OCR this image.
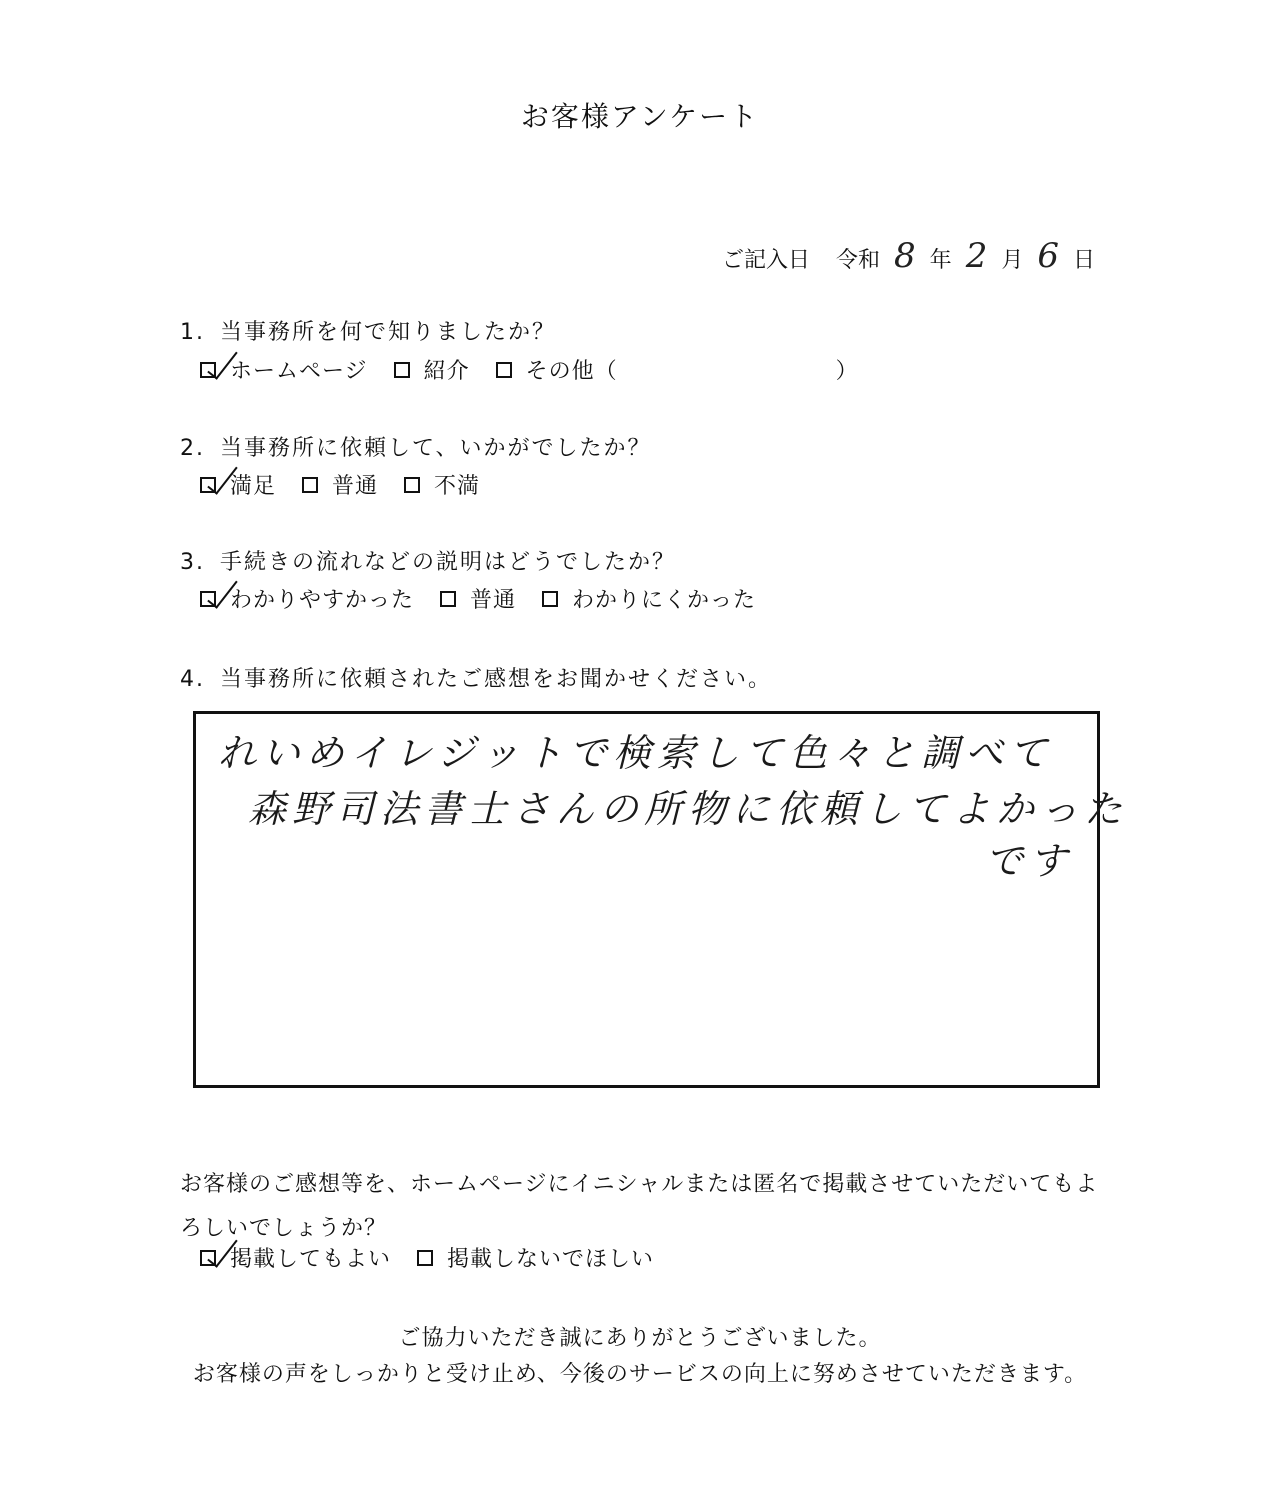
お客様アンケート
ご記入日 令和 8 年 2 月 6 日
1. 当事務所を何で知りましたか？
ホームページ	紹介	その他（	）
2. 当事務所に依頼して、いかがでしたか？
満足	普通	不満
3. 手続きの流れなどの説明はどうでしたか？
わかりやすかった	普通	わかりにくかった
4. 当事務所に依頼されたご感想をお聞かせください。
れいめイレジットで検索して色々と調べて
森野司法書士さんの所物に依頼してよかった
です
お客様のご感想等を、ホームページにイニシャルまたは匿名で掲載させていただいてもよろしいでしょうか？
掲載してもよい	掲載しないでほしい
ご協力いただき誠にありがとうございました。
お客様の声をしっかりと受け止め、今後のサービスの向上に努めさせていただきます。
